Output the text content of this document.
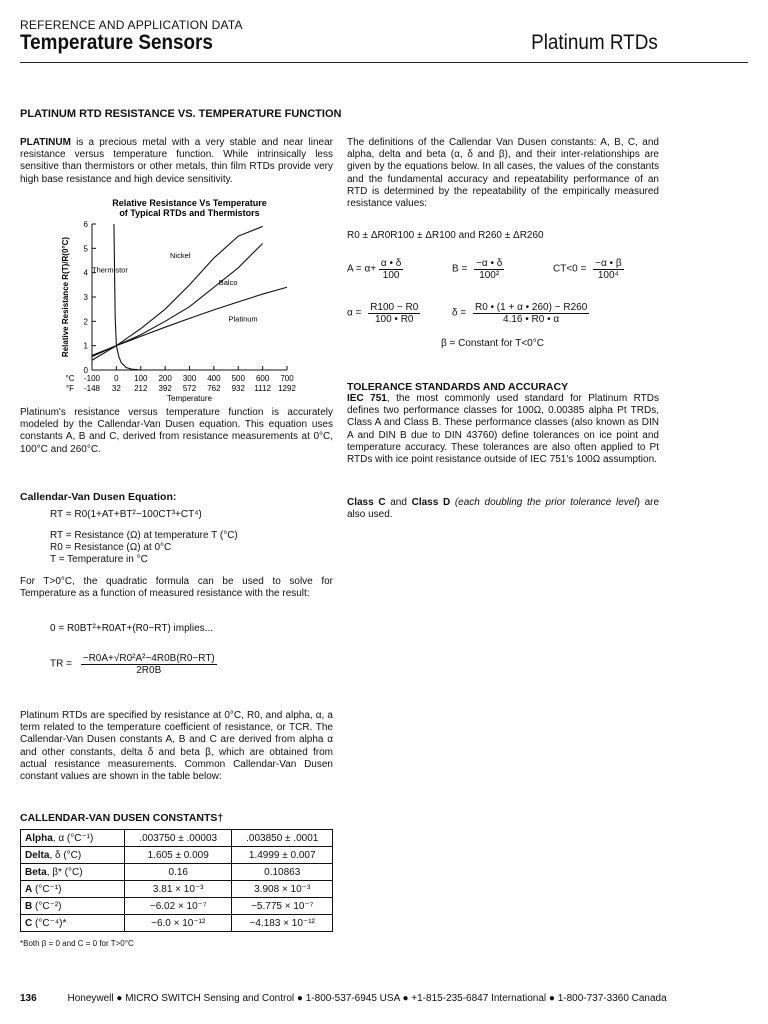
REFERENCE AND APPLICATION DATA
Temperature Sensors	Platinum RTDs
PLATINUM RTD RESISTANCE VS. TEMPERATURE FUNCTION
PLATINUM is a precious metal with a very stable and near linear resistance versus temperature function. While intrinsically less sensitive than thermistors or other metals, thin film RTDs provide very high base resistance and high device sensitivity.
Relative Resistance Vs Temperature of Typical RTDs and Thermistors
0
1
2
3
4
5
6
°C -100 0 100 200 300 400 500 600 700
°F -148 32 212 392 572 762 932 1112 1292
Temperature
Relative Resistance R(T)/R(0°C)	Thermistor
Nickel
Balco
Platinum
Platinum's resistance versus temperature function is accurately modeled by the Callendar-Van Dusen equation. This equation uses constants A, B and C, derived from resistance measurements at 0°C, 100°C and 260°C.
Callendar-Van Dusen Equation:
RT = R0(1+AT+BT²−100CT³+CT⁴)
RT = Resistance (Ω) at temperature T (°C)
R0 = Resistance (Ω) at 0°C
T = Temperature in °C
For T>0°C, the quadratic formula can be used to solve for Temperature as a function of measured resistance with the result:
0 = R0BT²+R0AT+(R0−RT) implies...
TR = $\frac{\text{−R0A+√R0²A²−4R0B(R0−RT)}}{2R0B}$
Platinum RTDs are specified by resistance at 0°C, R0, and alpha, α, a term related to the temperature coefficient of resistance, or TCR. The Callendar-Van Dusen constants A, B and C are derived from alpha α and other constants, delta δ and beta β, which are obtained from actual resistance measurements. Common Callendar-Van Dusen constant values are shown in the table below:
CALLENDAR-VAN DUSEN CONSTANTS†
Alpha, α (°C⁻¹)	.003750 ± .00003	.003850 ± .0001
Delta, δ (°C)	1.605 ± 0.009	1.4999 ± 0.007
Beta, β* (°C)	0.16	0.10863
A (°C⁻¹)	3.81 × 10⁻³	3.908 × 10⁻³
B (°C⁻²)	−6.02 × 10⁻⁷	−5.775 × 10⁻⁷
C (°C⁻⁴)*	−6.0 × 10⁻¹²	−4.183 × 10⁻¹²
*Both β = 0 and C = 0 for T>0°C
The definitions of the Callendar Van Dusen constants: A, B, C, and alpha, delta and beta (α, δ and β), and their inter-relationships are given by the equations below. In all cases, the values of the constants and the fundamental accuracy and repeatability performance of an RTD is determined by the repeatability of the empirically measured resistance values:
R0 ± ΔR0R100 ± ΔR100 and R260 ± ΔR260
$A = \alpha+ \frac{\alpha • \delta}{100}$	$B = \frac{-\alpha • \delta}{\text{100²}}$	$CT<0 = \frac{-\alpha • \beta}{\text{100⁴}}$
$\alpha = \frac{R100 - R0}{100 • R0}$	$\delta = \frac{R0 • (1 + \alpha • 260) - R260}{4.16 • R0 • \alpha}$
β = Constant for T<0°C
TOLERANCE STANDARDS AND ACCURACY
IEC 751, the most commonly used standard for Platinum RTDs defines two performance classes for 100Ω, 0.00385 alpha Pt TRDs, Class A and Class B. These performance classes (also known as DIN A and DIN B due to DIN 43760) define tolerances on ice point and temperature accuracy. These tolerances are also often applied to Pt RTDs with ice point resistance outside of IEC 751's 100Ω assumption.
Class C and Class D (each doubling the prior tolerance level) are also used.
136	Honeywell ● MICRO SWITCH Sensing and Control ● 1-800-537-6945 USA ● +1-815-235-6847 International ● 1-800-737-3360 Canada
